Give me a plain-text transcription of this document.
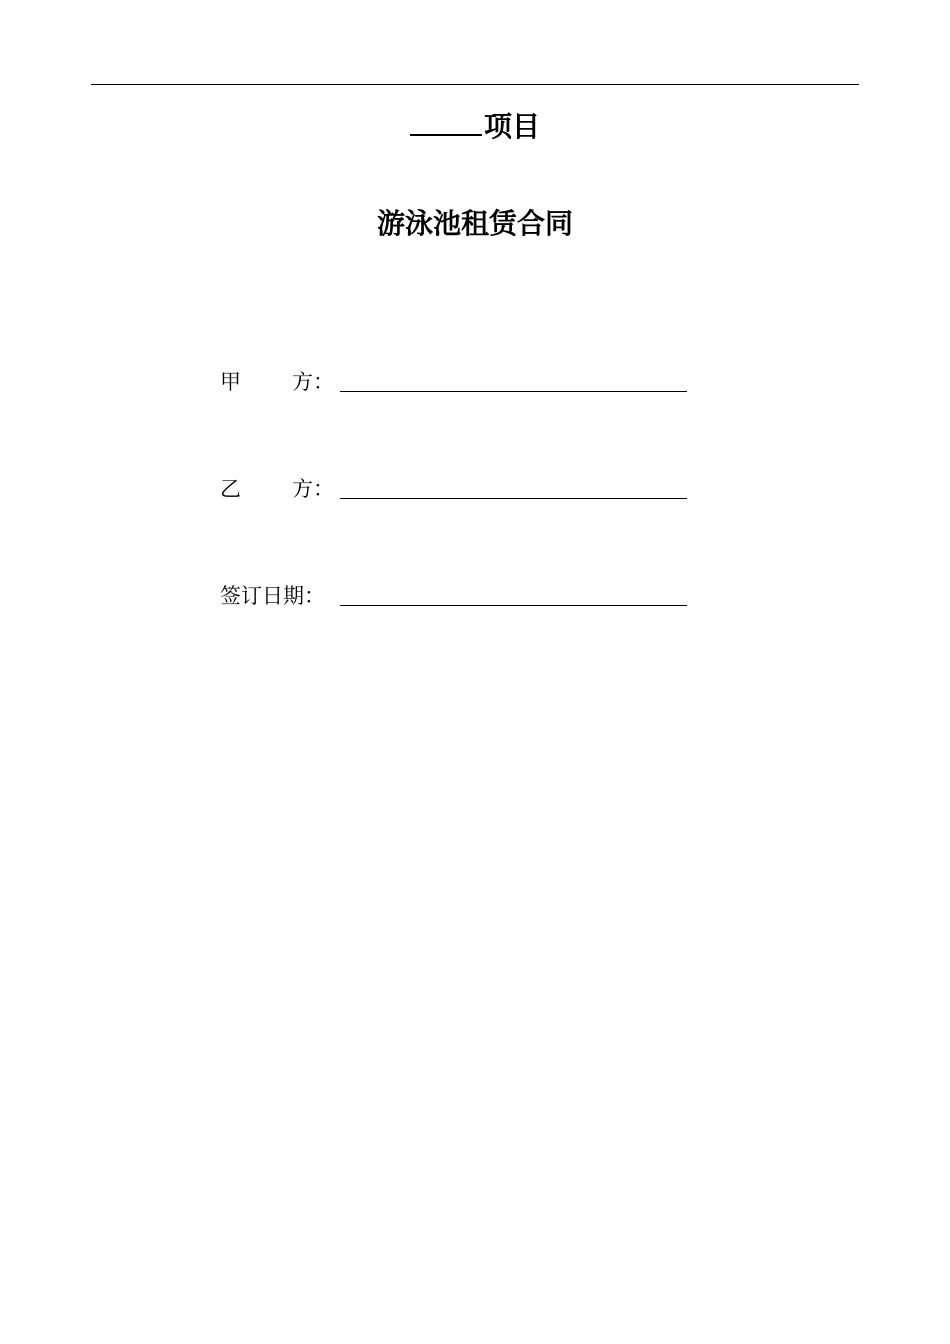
项目
游泳池租赁合同
甲 方：
乙 方：
签订日期：
